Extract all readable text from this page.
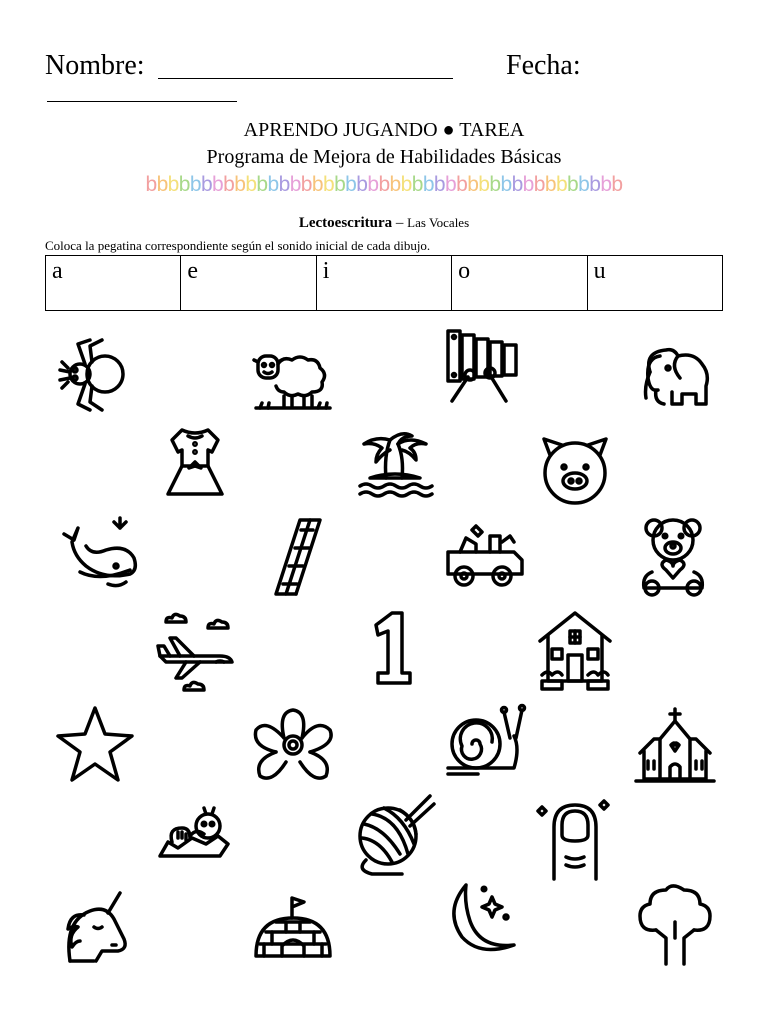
Nombre:	Fecha:
APRENDO JUGANDO ● TAREA
Programa de Mejora de Habilidades Básicas
bbbbbbbbbbbbbbbbbbbbbbbbbbbbbbbbbbbbbbbbbbb
Lectoescritura – Las Vocales
Coloca la pegatina correspondiente según el sonido inicial de cada dibujo.
a	e	i	o	u
